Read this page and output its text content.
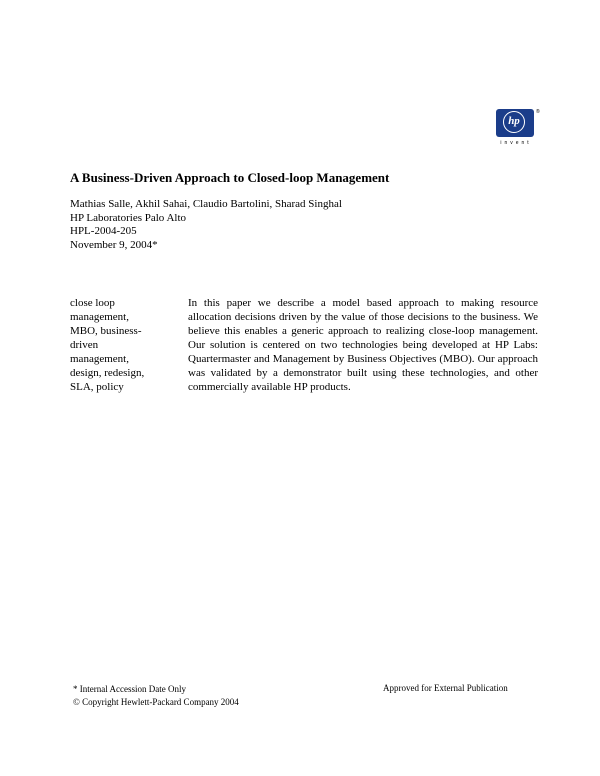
hp
®
invent
A Business-Driven Approach to Closed-loop Management
Mathias Salle, Akhil Sahai, Claudio Bartolini, Sharad Singhal
HP Laboratories Palo Alto
HPL-2004-205
November 9, 2004*
close loop
management,
MBO, business-
driven
management,
design, redesign,
SLA, policy

In this paper we describe a model based approach to making resource allocation decisions driven by the value of those decisions to the business. We believe this enables a generic approach to realizing close-loop management. Our solution is centered on two technologies being developed at HP Labs: Quartermaster and Management by Business Objectives (MBO). Our approach was validated by a demonstrator built using these technologies, and other commercially available HP products.

* Internal Accession Date Only
© Copyright Hewlett-Packard Company 2004
Approved for External Publication
